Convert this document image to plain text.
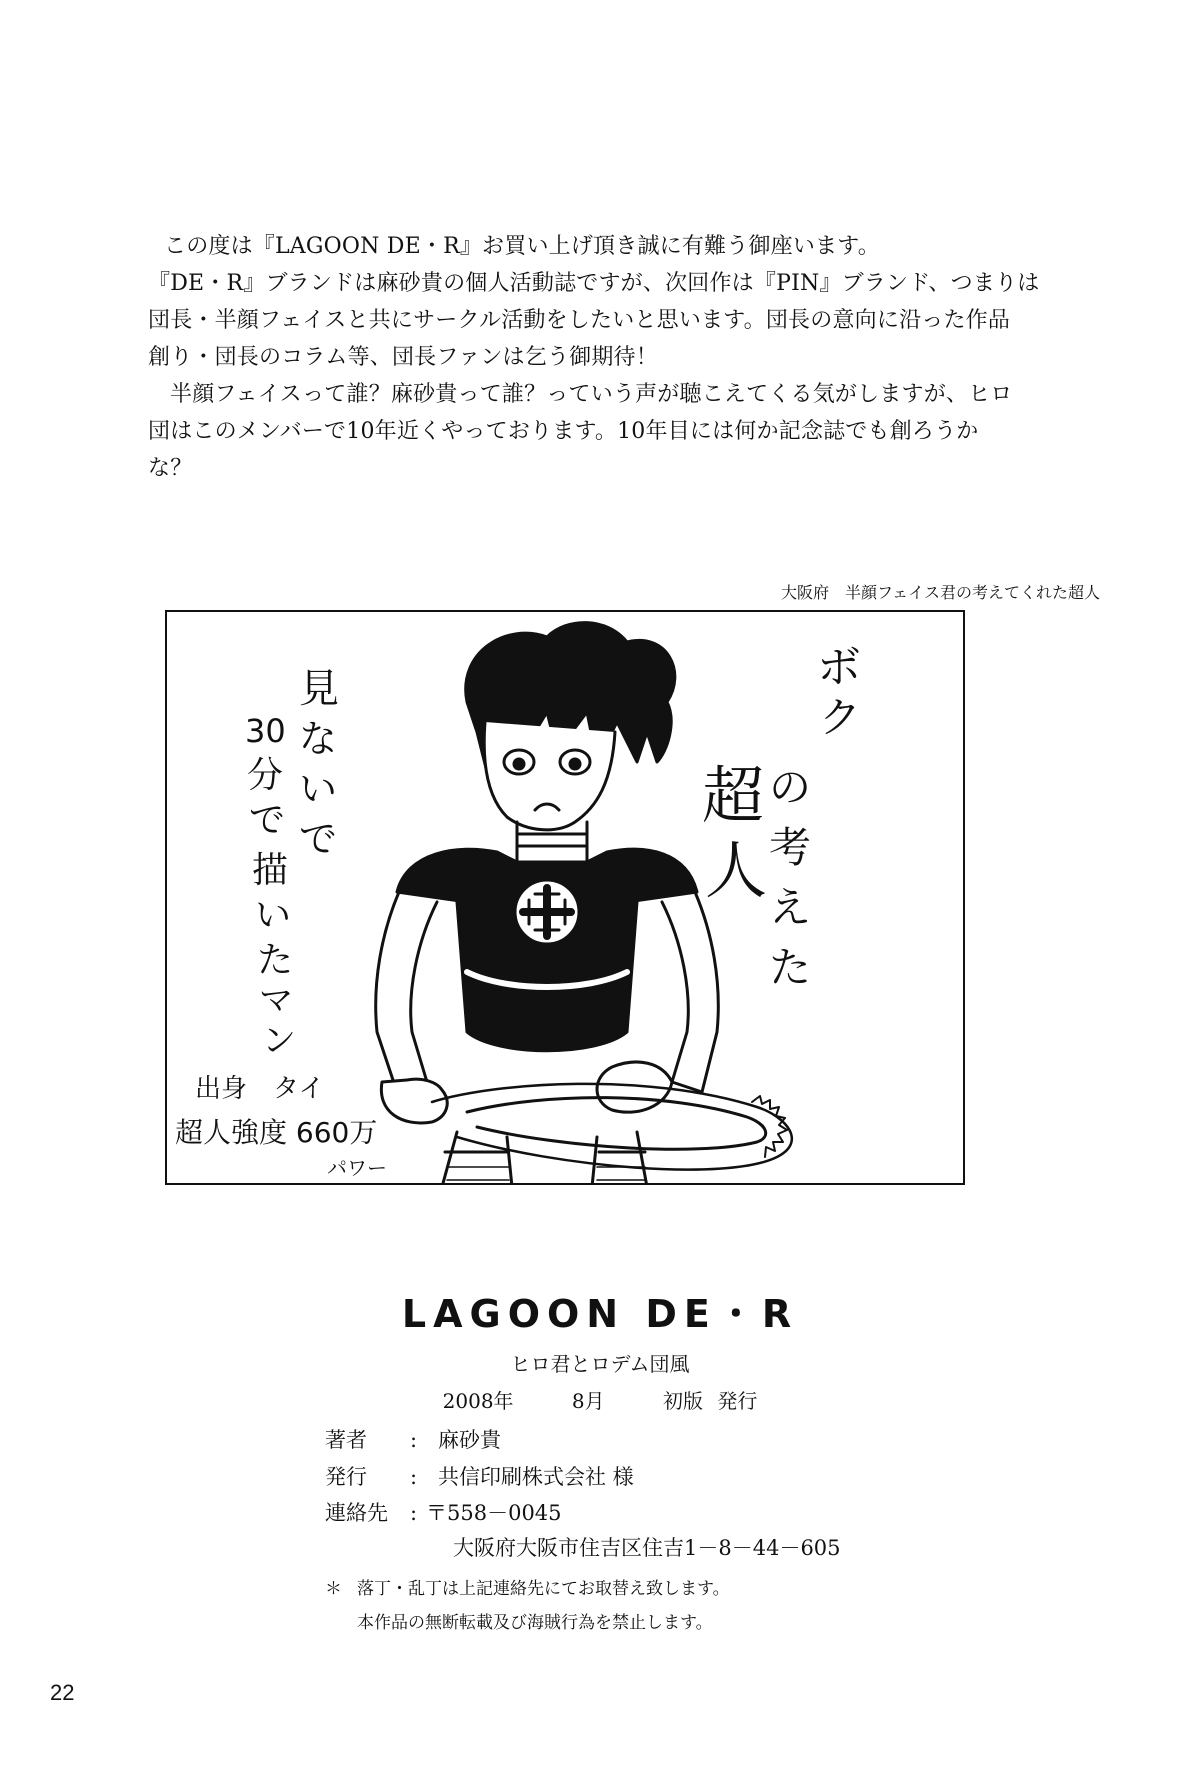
この度は『LAGOON DE・R』お買い上げ頂き誠に有難う御座います。

『DE・R』ブランドは麻砂貴の個人活動誌ですが、次回作は『PIN』ブランド、つまりは

団長・半顔フェイスと共にサークル活動をしたいと思います。団長の意向に沿った作品

創り・団長のコラム等、団長ファンは乞う御期待！

半顔フェイスって誰？麻砂貴って誰？っていう声が聴こえてくる気がしますが、ヒロ

団はこのメンバーで10年近くやっております。10年目には何か記念誌でも創ろうか

な？

大阪府　半顔フェイス君の考えてくれた超人
ボ
ク
の
考
え
た
超
人
見
な
い
で
30
分
で
描
い
た
マ
ン
出身　タイ
超人強度 660万
パワー
LAGOON DE・R
ヒロ君とロデム団風
2008年	8月	初版 発行
著者 : 麻砂貴
発行 : 共信印刷株式会社 様
連絡先 : 〒558－0045
大阪府大阪市住吉区住吉1－8－44－605
＊ 落丁・乱丁は上記連絡先にてお取替え致します。
本作品の無断転載及び海賊行為を禁止します。
22
